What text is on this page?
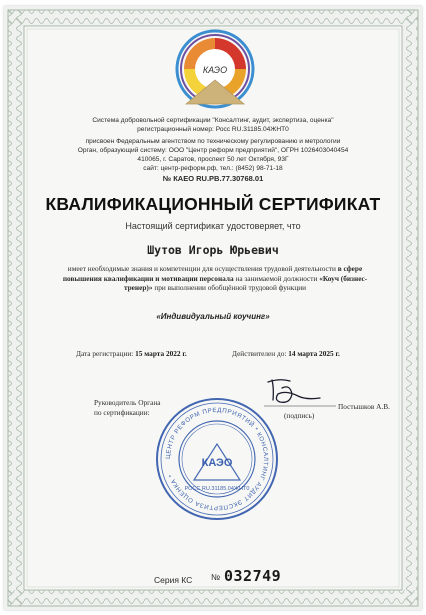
КАЭО
Система добровольной сертификации "Консалтинг, аудит, экспертиза, оценка"
регистрационный номер: Росс RU.31185.04ЖНТ0
присвоен Федеральным агентством по техническому регулированию и метрологии
Орган, образующий систему: ООО "Центр реформ предприятий", ОГРН 1026403040454
410065, г. Саратов, проспект 50 лет Октября, 93Г
сайт: центр-реформ.рф, тел.: (8452) 98-71-18
№ КАЕО RU.РВ.77.30768.01
КВАЛИФИКАЦИОННЫЙ СЕРТИФИКАТ
Настоящий сертификат удостоверяет, что
Шутов Игорь Юрьевич
имеет необходимые знания и компетенции для осуществления трудовой деятельности в сфере повышения квалификации и мотивации персонала на занимаемой должности «Коуч (бизнес-тренер)» при выполнении обобщённой трудовой функции
«Индивидуальный коучинг»
Дата регистрации: 15 марта 2022 г.	Действителен до: 14 марта 2025 г.
Руководитель Органа
по сертификации:
Постышков А.В.
(подпись)
ЦЕНТР РЕФОРМ ПРЕДПРИЯТИЙ * КОНСАЛТИНГ АУДИТ ЭКСПЕРТИЗА ОЦЕНКА *
КАЭО
РОСС RU.31185.04ЖНТ0
Серия КС № 032749
